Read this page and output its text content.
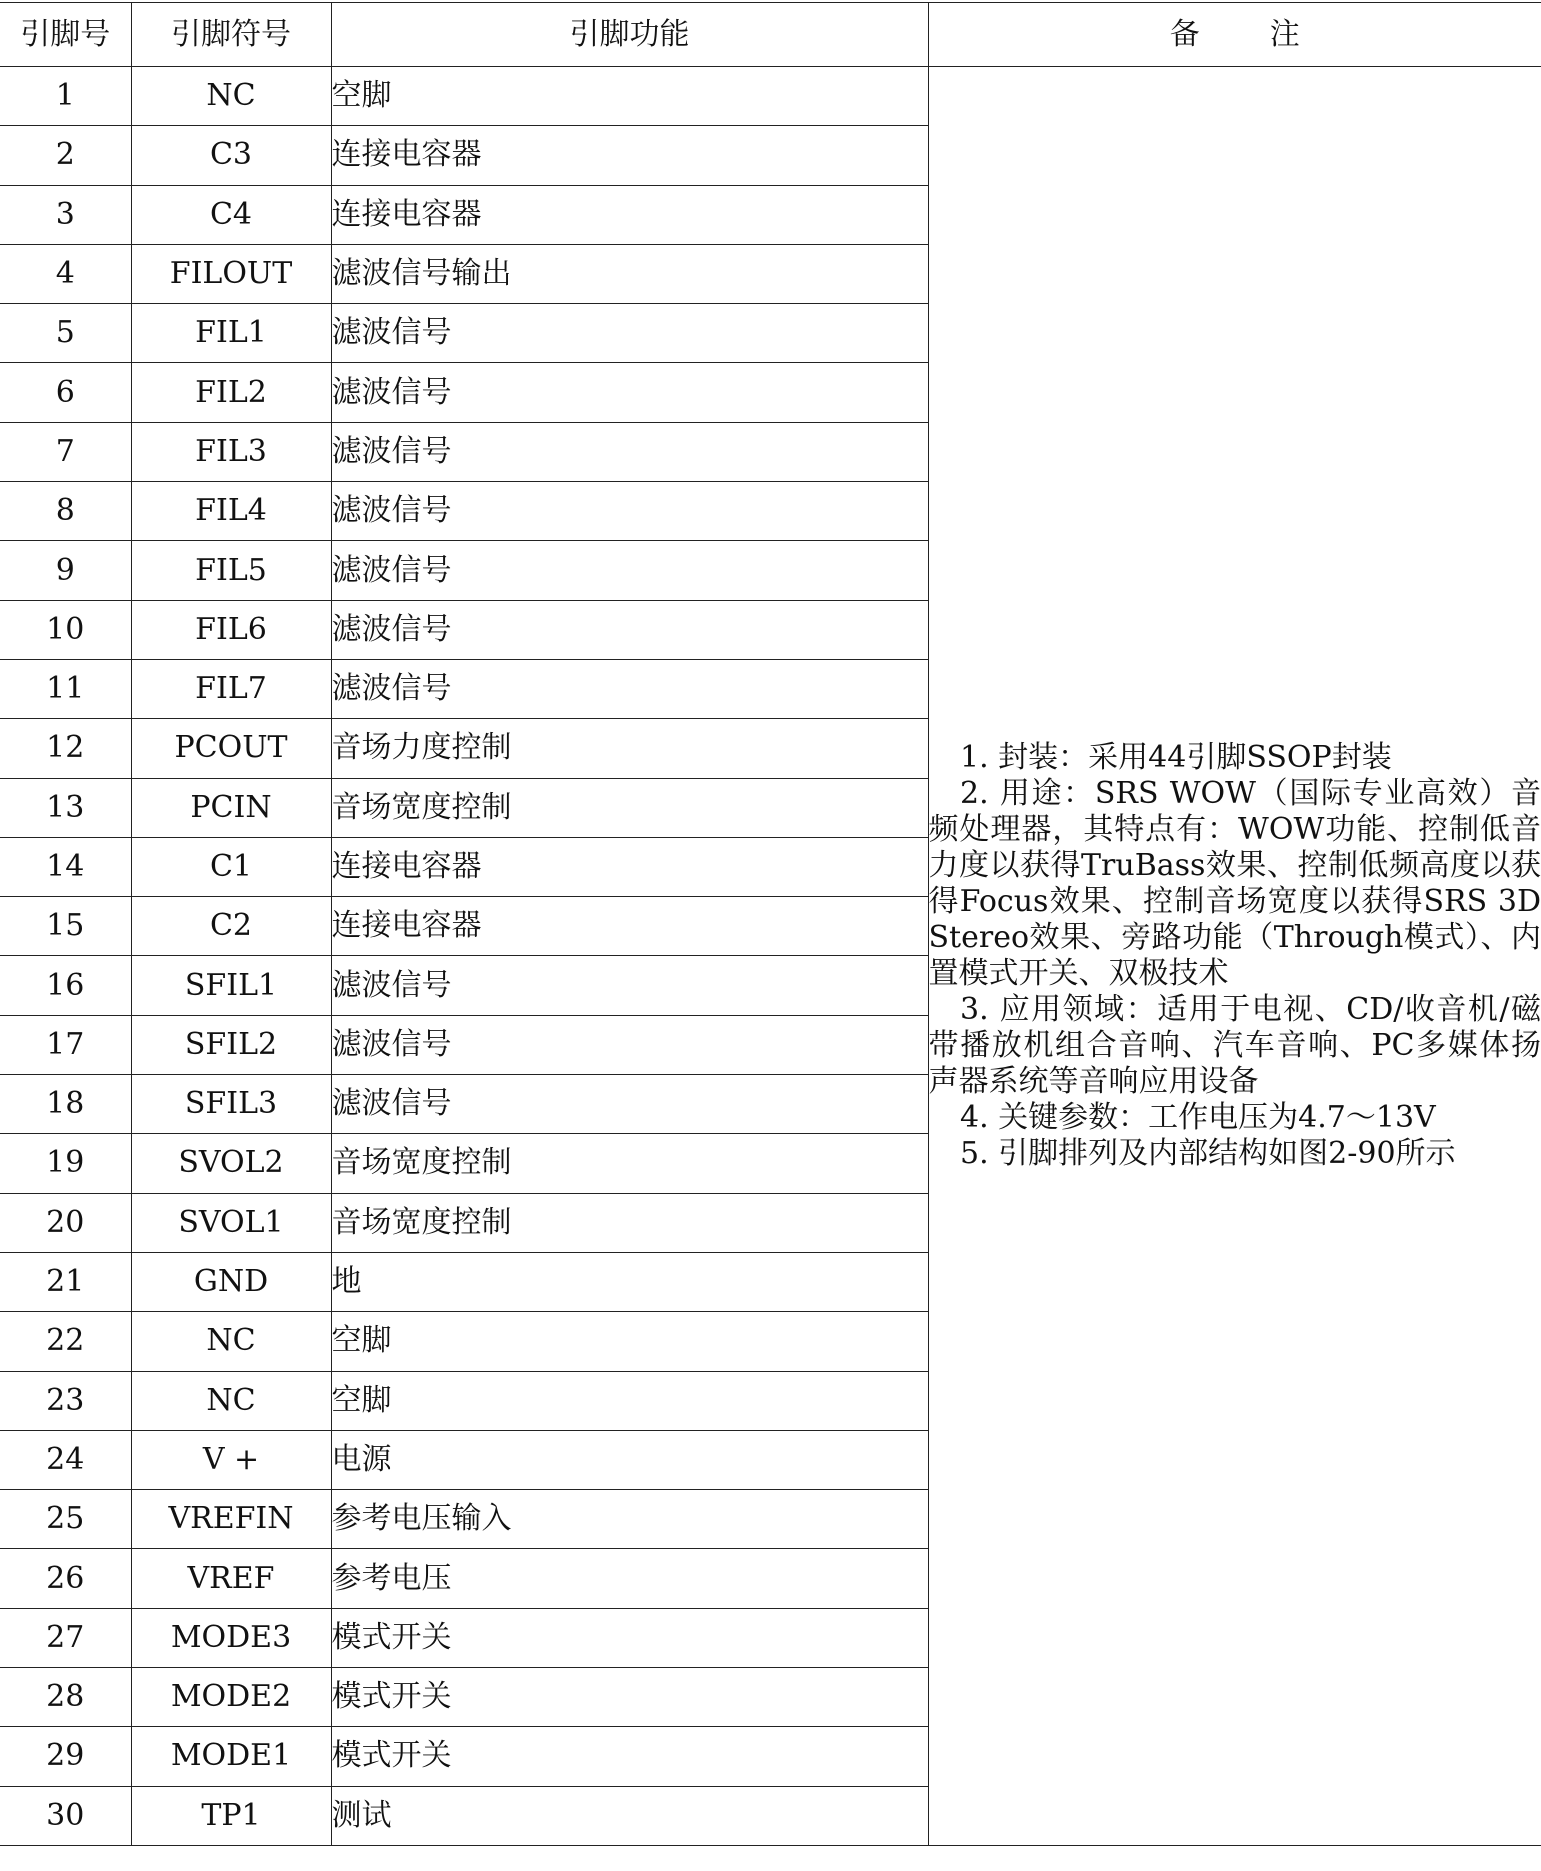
引脚号	引脚符号	引脚功能	备 注
1	NC	空脚	1. 封装：采用44引脚SSOP封装

2. 用途：SRS WOW（国际专业高效）音频处理器，其特点有：WOW功能、控制低音力度以获得TruBass效果、控制低频高度以获得Focus效果、控制音场宽度以获得SRS 3D Stereo效果、旁路功能（Through模式）、内置模式开关、双极技术

3. 应用领域：适用于电视、CD/收音机/磁带播放机组合音响、汽车音响、PC多媒体扬声器系统等音响应用设备

4. 关键参数：工作电压为4.7～13V

5. 引脚排列及内部结构如图2-90所示

2	C3	连接电容器	
3	C4	连接电容器	
4	FILOUT	滤波信号输出	
5	FIL1	滤波信号	
6	FIL2	滤波信号	
7	FIL3	滤波信号	
8	FIL4	滤波信号	
9	FIL5	滤波信号	
10	FIL6	滤波信号	
11	FIL7	滤波信号	
12	PCOUT	音场力度控制	
13	PCIN	音场宽度控制	
14	C1	连接电容器	
15	C2	连接电容器	
16	SFIL1	滤波信号	
17	SFIL2	滤波信号	
18	SFIL3	滤波信号	
19	SVOL2	音场宽度控制	
20	SVOL1	音场宽度控制	
21	GND	地	
22	NC	空脚	
23	NC	空脚	
24	V +	电源	
25	VREFIN	参考电压输入	
26	VREF	参考电压	
27	MODE3	模式开关	
28	MODE2	模式开关	
29	MODE1	模式开关	
30	TP1	测试	
